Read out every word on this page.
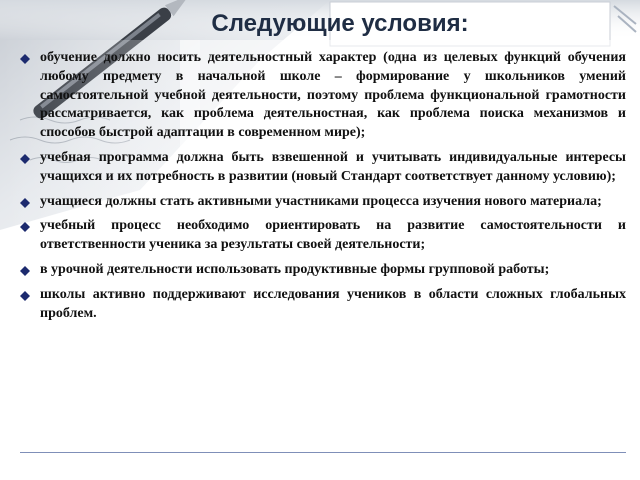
Следующие условия:
обучение должно носить деятельностный характер (одна из целевых функций обучения любому предмету в начальной школе – формирование у школьников умений самостоятельной учебной деятельности, поэтому проблема функциональной грамотности рассматривается, как проблема деятельностная, как проблема поиска механизмов и способов быстрой адаптации в современном мире);
учебная программа должна быть взвешенной и учитывать индивидуальные интересы учащихся и их потребность в развитии (новый Стандарт соответствует данному условию);
учащиеся должны стать активными участниками процесса изучения нового материала;
учебный процесс необходимо ориентировать на развитие самостоятельности и ответственности ученика за результаты своей деятельности;
в урочной деятельности использовать продуктивные формы групповой работы;
школы активно поддерживают исследования учеников в области сложных глобальных проблем.
